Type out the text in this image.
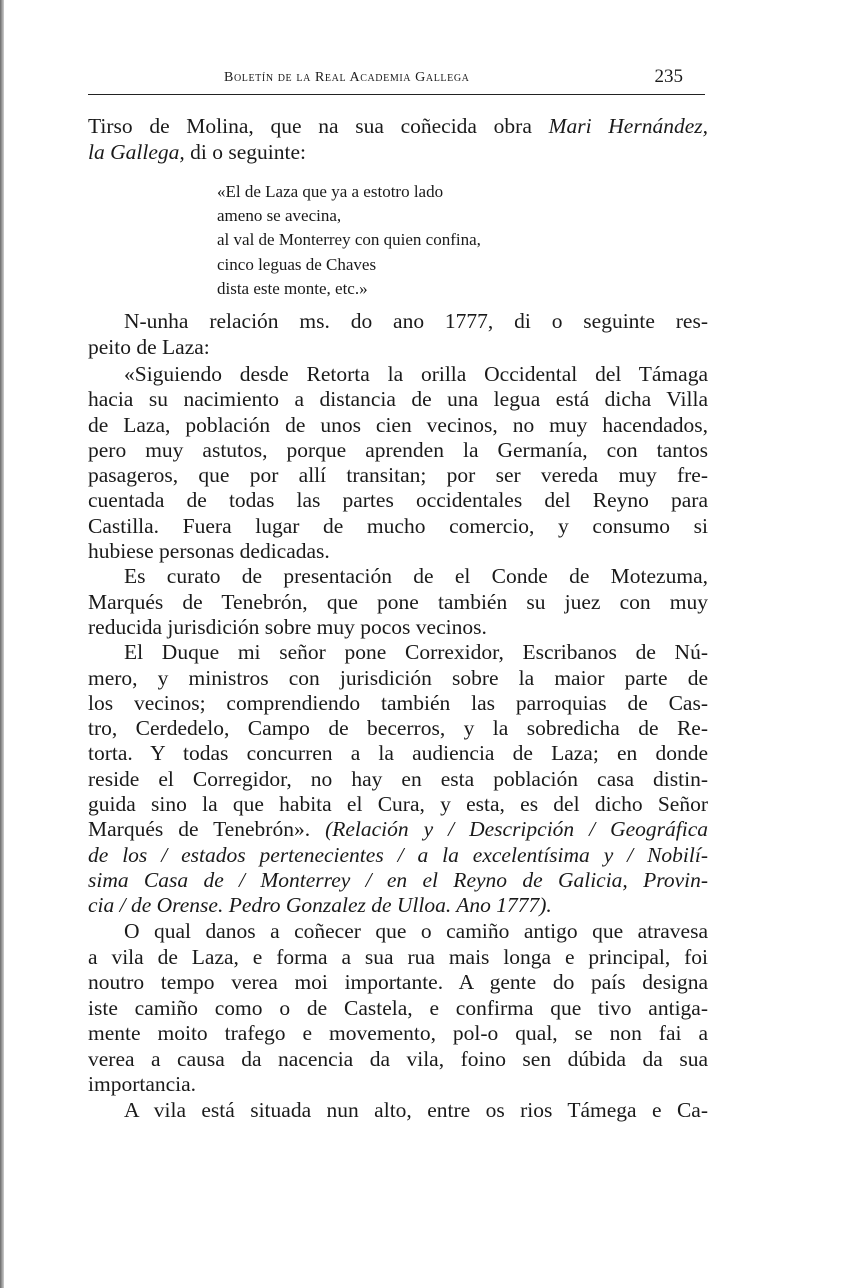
Boletín de la Real Academia Gallega	235
Tirso de Molina, que na sua coñecida obra Mari Hernández,
la Gallega, di o seguinte:
«El de Laza que ya a estotro lado
ameno se avecina,
al val de Monterrey con quien confina,
cinco leguas de Chaves
dista este monte, etc.»
N-unha relación ms. do ano 1777, di o seguinte res-
peito de Laza:
«Siguiendo desde Retorta la orilla Occidental del Támaga
hacia su nacimiento a distancia de una legua está dicha Villa
de Laza, población de unos cien vecinos, no muy hacendados,
pero muy astutos, porque aprenden la Germanía, con tantos
pasageros, que por allí transitan; por ser vereda muy fre-
cuentada de todas las partes occidentales del Reyno para
Castilla. Fuera lugar de mucho comercio, y consumo si
hubiese personas dedicadas.
Es curato de presentación de el Conde de Motezuma,
Marqués de Tenebrón, que pone también su juez con muy
reducida jurisdición sobre muy pocos vecinos.
El Duque mi señor pone Correxidor, Escribanos de Nú-
mero, y ministros con jurisdición sobre la maior parte de
los vecinos; comprendiendo también las parroquias de Cas-
tro, Cerdedelo, Campo de becerros, y la sobredicha de Re-
torta. Y todas concurren a la audiencia de Laza; en donde
reside el Corregidor, no hay en esta población casa distin-
guida sino la que habita el Cura, y esta, es del dicho Señor
Marqués de Tenebrón». (Relación y / Descripción / Geográfica
de los / estados pertenecientes / a la excelentísima y / Nobilí-
sima Casa de / Monterrey / en el Reyno de Galicia, Provin-
cia / de Orense. Pedro Gonzalez de Ulloa. Ano 1777).
O qual danos a coñecer que o camiño antigo que atravesa
a vila de Laza, e forma a sua rua mais longa e principal, foi
noutro tempo verea moi importante. A gente do país designa
iste camiño como o de Castela, e confirma que tivo antiga-
mente moito trafego e movemento, pol-o qual, se non fai a
verea a causa da nacencia da vila, foino sen dúbida da sua
importancia.
A vila está situada nun alto, entre os rios Támega e Ca-
